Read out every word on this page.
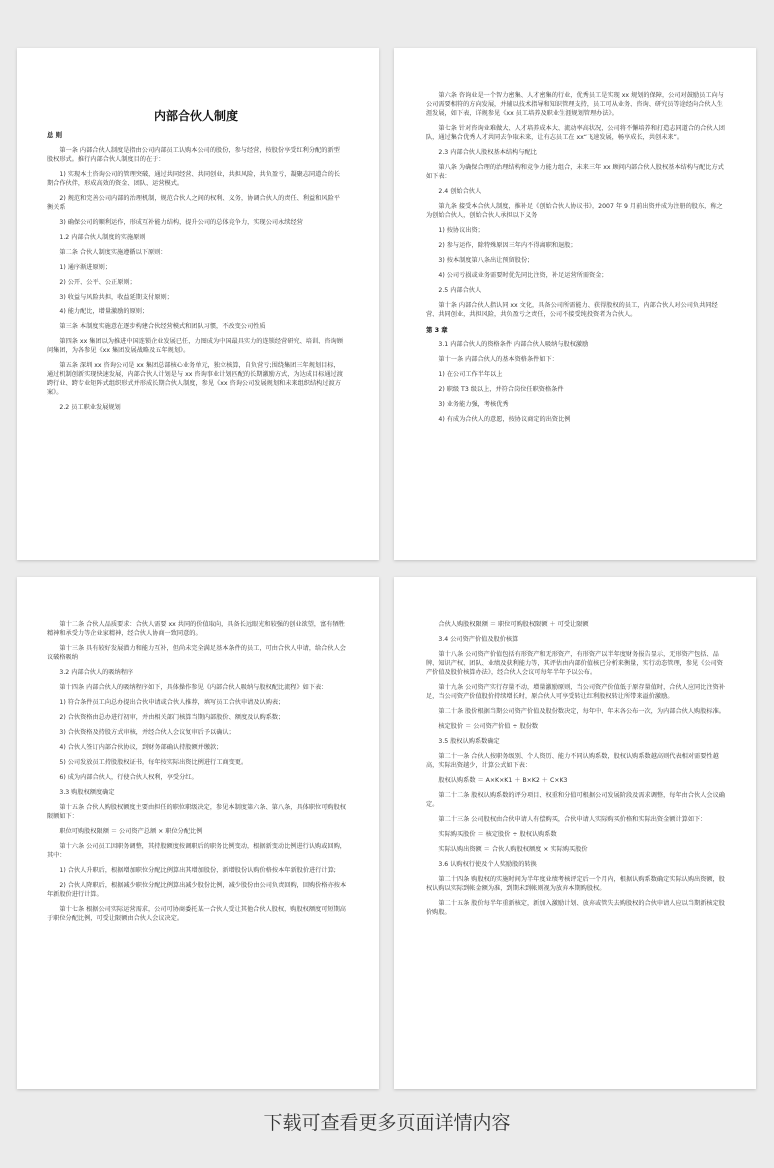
内部合伙人制度
总 则
第一条 内部合伙人制度是指由公司内部员工认购本公司的股份，参与经营，按股份享受红利分配的新型股权形式。推行内部合伙人制度目的在于：
1) 实现本土咨询公司的管理突破，通过共同经营、共同创业，共担风险，共负盈亏，凝聚志同道合的长期合作伙伴，形成高效的资金、团队、运营模式。
2) 规范和完善公司内部的治理机制，规范合伙人之间的权利、义务，协调合伙人的责任、利益和风险平衡关系
3) 确保公司的顺利运作，形成互补能力结构，提升公司的总体竞争力，实现公司永续经营
1.2 内部合伙人制度的实施原则
第二条 合伙人制度实施遵循以下原则：
1) 通序渐进原则；
2) 公开、公平、公正原则；
3) 收益与风险共担，收益延期支付原则；
4) 能力配比，增量激励的原则；
第三条 本制度实施意在逐步构建合伙经营模式和团队习惯，不改变公司性质
第四条 xx 集团以为推进中国连锁企业发展已任，力图成为中国最具实力的连锁经营研究、培训、咨询顾问集团，为各参见《xx 集团发展战略及五年规划》。
第五条 深圳 xx 咨询公司是 xx 集团总部核心业务单元，独立核算，自负营亏;围绕集团三年规划目标，通过机制创新实现快速发展，内部合伙人计划是与 xx 咨询事业计划匹配的长期激励方式，为达成目标通过渡跨行业、跨专业矩阵式组织形式并形成长期合伙人制度，参见《xx 咨询公司发展规划和未来组织结构过渡方案》。
2.2 员工职业发展规划
第六条 咨询业是一个智力密集、人才密集的行业，优秀员工是实现 xx 规划的保障，公司对鼓励员工向与公司需要相符的方向发展，并辅以技术指导和知识管理支持，员工可从业务、咨询、研究员等途经向合伙人生涯发展，如下表，详规参见《xx 员工培养及职业生涯规划管理办法》。
第七条 针对咨询业难做大、人才培养成本大、流动率高状况，公司将不懈培养和打造志同道合的合伙人团队，通过集合优秀人才共同去争取未来，让有志员工在 xx“飞速发展，畅享成长，共创未来”。
2.3 内部合伙人股权基本结构与配比
第八条 为确保合理的治理结构和竞争力能力组合，未来三年 xx 顾问内部合伙人股权基本结构与配比方式如下表：
2.4 创始合伙人
第九条 接受本合伙人制度，推补足《创始合伙人协议书》，2007 年 9 月前出资并成为注册的股东，称之为创始合伙人，创始合伙人承担以下义务
1) 按协议出资；
2) 参与运作，除特殊原因三年内不得离职和退股；
3) 按本制度第八条出让预留股份；
4) 公司亏损或业务需要时优先同比注资，补足运营所需资金；
2.5 内部合伙人
第十条 内部合伙人指认同 xx 文化，具备公司所需能力、获得股权的员工，内部合伙人对公司负共同经营、共同创业，共担风险，共负盈亏之责任，公司不接受纯投资者为合伙人。
第 3 章
3.1 内部合伙人的资格条件 内部合伙人吸纳与股权激励
第十一条 内部合伙人的基本资格条件如下：
1) 在公司工作半年以上
2) 职级 T3 级以上，并符合岗位任职资格条件
3) 业务能力强，考核优秀
4) 有成为合伙人的意愿，按协议商定的出资比例
第十二条 合伙人品质要求：合伙人需要 xx 共同的价值取向，具备长远眼光和较强的创业欲望，富有牺牲精神和承受力等企业家精神，经合伙人协商一致同意的。
第十三条 具有较好发展潜力和能力互补，但尚未完全满足基本条件的员工，可由合伙人申请，给合伙人会议破格吸纳
3.2 内部合伙人的吸纳程序
第十四条 内部合伙人的吸纳程序如下，具体操作参见《内部合伙人吸纳与股权配比流程》如下表：
1) 符合条件员工向总办提出合伙申请或合伙人推荐，填写员工合伙申请及认购表；
2) 合伙资格由总办进行初审，并由相关部门核算当期内部股价、额度及认购系数；
3) 合伙资格及持股方式审核，并经合伙人会议复审后予以确认；
4) 合伙人签订内部合伙协议，到财务部确认持股额并缴款；
5) 公司发放员工持股股权证书，每年按实际出资比例进行工商变更。
6) 成为内部合伙人，行使合伙人权利，享受分红。
3.3 购股权额度确定
第十五条 合伙人购股权额度主要由担任的职位职级决定，参见本制度第六条、第八条，具体职位可购股权限额如下：
职位可购股权限额 ＝ 公司资产总额 × 职位分配比例
第十六条 公司员工因职务调整，其持股额度按调职后的职务比例变动，根据新变动比例进行认购或回购，其中：
1) 合伙人升职后，根据增加职位分配比例算出其增加股份，新增股份认购价格按本年新股价进行计算;
2) 合伙人降职后，根据减少职位分配比例算出减少股份比例，减少股份由公司负责回购，回购价格亦按本年新股价进行计算。
第十七条 根据公司实际运营需求，公司可协商委托某一合伙人受让其他合伙人股权，购股权额度可短期高于职位分配比例，可受让限额由合伙人会议决定。
合伙人购股权限额 ＝ 职位可购股权限额 ＋ 可受让限额
3.4 公司资产价值及股价核算
第十八条 公司资产价值包括有形资产和无形资产，有形资产以半年度财务报告显示，无形资产包括、品牌、知识产权、团队、业绩及获利能力等，其评估由内部价值核已分析来衡量，实行动态管理，参见《公司资产价值及股价核算办法》，经合伙人会议可每年半年予以公布。
第十九条 公司资产实行存量不动，增量激励原则，当公司资产价值低于原存量值时，合伙人应同比注资补足，当公司资产价值股价持续增长时，原合伙人可享受转让红利股权转让所带来溢价激励。
第二十条 股价根据当期公司资产价值及股份数决定，每年中、年末各公布一次，为内部合伙人购股标准。
核定股价 ＝ 公司资产价值 ÷ 股份数
3.5 股权认购系数确定
第二十一条 合伙人按职务级别、个人资历、能力不同认购系数，股权认购系数越高则代表相对需要性越高，实际出资越少，计算公式如下表：
股权认购系数 ＝ A×K×K1 ＋ B×K2 ＋ C×K3
第二十二条 股权认购系数的评分项目、权重和分值可根据公司发展阶段及需求调整，每年由合伙人会议确定。
第二十三条 公司股权由合伙申请人有偿购买，合伙申请人实际购买价格和实际出资金额计算如下：
实际购买股价 ＝ 核定股价 ÷ 股权认购系数
实际认购出资额 ＝ 合伙人购股权额度 × 实际购买股价
3.6 认购权行使及个人奖励股的转换
第二十四条 购股权的实施时间为半年度业绩考核评定后一个月内，根据认购系数确定实际认购出资额，股权认购以实际到帐金额为准，到期未到帐则视为放弃本期购股权。
第二十五条 股价每半年重新核定，新加入激励计划、放弃或管失去购股权的合伙申请人应以当期新核定股价购股。
下载可查看更多页面详情内容
